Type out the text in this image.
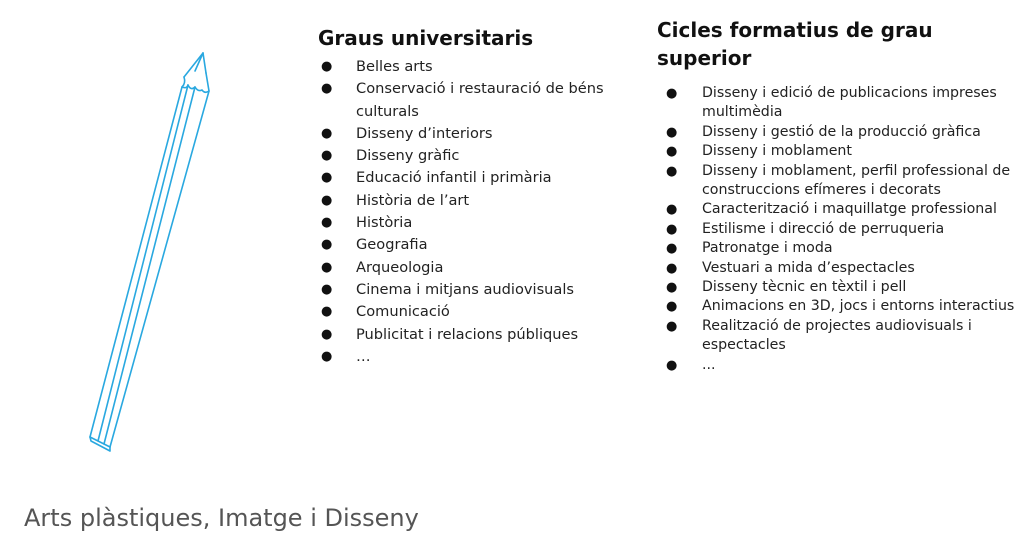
Graus universitaris
● Belles arts
● Conservació i restauració de béns culturals
● Disseny d’interiors
● Disseny gràfic
● Educació infantil i primària
● Història de l’art
● Història
● Geografia
● Arqueologia
● Cinema i mitjans audiovisuals
● Comunicació
● Publicitat i relacions públiques
● …
Cicles formatius de grau superior
● Disseny i edició de publicacions impreses multimèdia
● Disseny i gestió de la producció gràfica
● Disseny i moblament
● Disseny i moblament, perfil professional de construccions efímeres i decorats
● Caracterització i maquillatge professional
● Estilisme i direcció de perruqueria
● Patronatge i moda
● Vestuari a mida d’espectacles
● Disseny tècnic en tèxtil i pell
● Animacions en 3D, jocs i entorns interactius
● Realització de projectes audiovisuals i espectacles
● ...
Arts plàstiques, Imatge i Disseny
